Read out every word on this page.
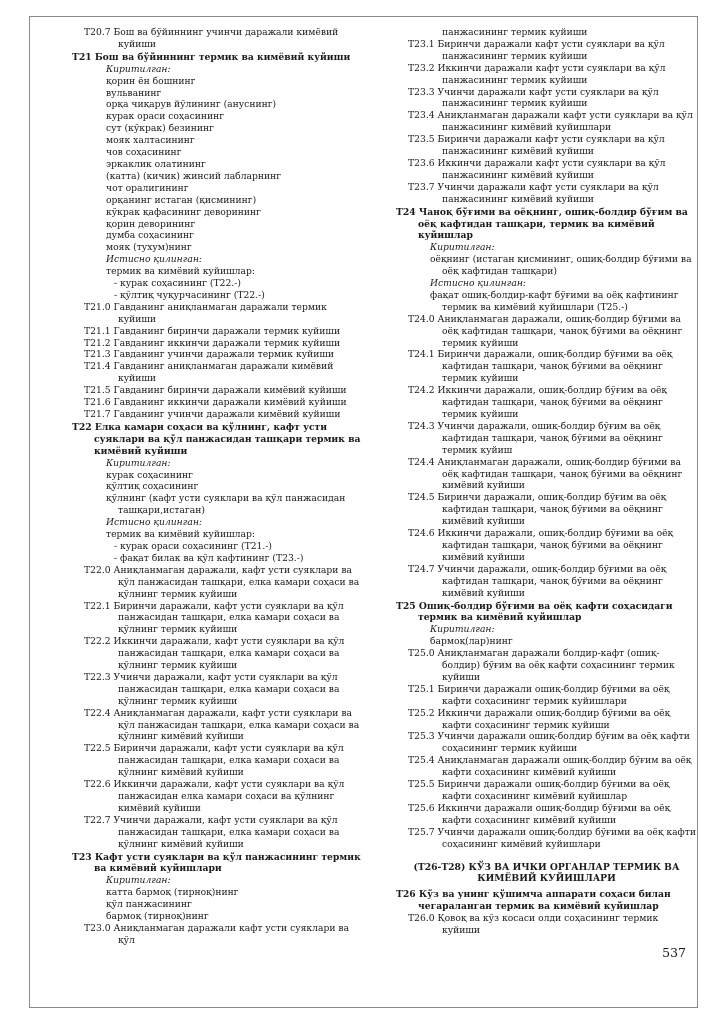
T20.7 Бош ва бўйиннинг учинчи даражали кимёвий куйиши
T21 Бош ва бўйиннинг термик ва кимёвий куйиши
Киритилган:
қорин ён бошнинг
вульванинг
орқа чиқарув йўлининг (ануснинг)
курак ораси соҳасининг
сут (кўкрак) безининг
мояк халтасининг
чов соҳасининг
эркаклик олатининг
(катта) (кичик) жинсий лабларнинг
чот оралигининг
орқанинг истаган (қисмининг)
кўкрак қафасининг деворининг
қорин деворининг
думба соҳасининг
мояк (тухум)нинг
Истисно қилинган:
термик ва кимёвий куйишлар:
- курак соҳасининг (Т22.-)
- қўлтиқ чуқурчасининг (Т22.-)
T21.0 Гавданинг аниқланмаган даражали термик куйиши
T21.1 Гавданинг биринчи даражали термик куйиши
T21.2 Гавданинг иккинчи даражали термик куйиши
T21.3 Гавданинг учинчи даражали термик куйиши
T21.4 Гавданинг аниқланмаган даражали кимёвий куйиши
T21.5 Гавданинг биринчи даражали кимёвий куйиши
T21.6 Гавданинг иккинчи даражали кимёвий куйиши
T21.7 Гавданинг учинчи даражали кимёвий куйиши
T22 Елка камари соҳаси ва қўлнинг, кафт усти суяклари ва қўл панжасидан ташқари термик ва кимёвий куйиши
Киритилган:
курак соҳасининг
қўлтиқ соҳасининг
қўлнинг (кафт усти суяклари ва қўл панжасидан ташқари,истаган)
Истисно қилинган:
термик ва кимёвий куйишлар:
- курак ораси соҳасининг (Т21.-)
- фақат билак ва қўл кафтининг (Т23.-)
T22.0 Аниқланмаган даражали, кафт усти суяклари ва қўл панжасидан ташқари, елка камари соҳаси ва қўлнинг термик куйиши
T22.1 Биринчи даражали, кафт усти суяклари ва қўл панжасидан ташқари, елка камари соҳаси ва қўлнинг термик куйиши
T22.2 Иккинчи даражали, кафт усти суяклари ва қўл панжасидан ташқари, елка камари соҳаси ва қўлнинг термик куйиши
T22.3 Учинчи даражали, кафт усти суяклари ва қўл панжасидан ташқари, елка камари соҳаси ва қўлнинг термик куйиши
T22.4 Аниқланмаган даражали, кафт усти суяклари ва қўл панжасидан ташқари, елка камари соҳаси ва қўлнинг кимёвий куйиши
T22.5 Биринчи даражали, кафт усти суяклари ва қўл панжасидан ташқари, елка камари соҳаси ва қўлнинг кимёвий куйиши
T22.6 Иккинчи даражали, кафт усти суяклари ва қўл панжасидан елка камари соҳаси ва қўлнинг кимёвий куйиши
T22.7 Учинчи даражали, кафт усти суяклари ва қўл панжасидан ташқари, елка камари соҳаси ва қўлнинг кимёвий куйиши
T23 Кафт усти суяклари ва қўл панжасининг термик ва кимёвий куйишлари
Киритилган:
катта бармоқ (тирноқ)нинг
қўл панжасининг
бармоқ (тирноқ)нинг
T23.0 Аниқланмаган даражали кафт усти суяклари ва қўл
панжасининг термик куйиши
T23.1 Биринчи даражали кафт усти суяклари ва қўл панжасининг термик куйиши
T23.2 Иккинчи даражали кафт усти суяклари ва қўл панжасининг термик куйиши
T23.3 Учинчи даражали кафт усти суяклари ва қўл панжасининг термик куйиши
T23.4 Аниқланмаган даражали кафт усти суяклари ва қўл панжасининг кимёвий куйишлари
T23.5 Биринчи даражали кафт усти суяклари ва қўл панжасининг кимёвий куйиши
T23.6 Иккинчи даражали кафт усти суяклари ва қўл панжасининг кимёвий куйиши
T23.7 Учинчи даражали кафт усти суяклари ва қўл панжасининг кимёвий куйиши
T24 Чаноқ бўғими ва оёқнинг, ошиқ-болдир бўғим ва оёқ кафтидан ташқари, термик ва кимёвий куйишлар
Киритилган:
оёқнинг (истаган қисмининг, ошиқ-болдир бўғими ва оёқ кафтидан ташқари)
Истисно қилинган:
фақат ошиқ-болдир-кафт бўғими ва оёқ кафтининг термик ва кимёвий куйишлари (Т25.-)
T24.0 Аниқланмаган даражали, ошиқ-болдир бўғими ва оёқ кафтидан ташқари, чаноқ бўғими ва оёқнинг термик куйиши
T24.1 Биринчи даражали, ошиқ-болдир бўғими ва оёқ кафтидан ташқари, чаноқ бўғими ва оёқнинг термик куйиши
T24.2 Иккинчи даражали, ошиқ-болдир бўғим ва оёқ кафтидан ташқари, чаноқ бўғими ва оёқнинг термик куйиши
T24.3 Учинчи даражали, ошиқ-болдир бўғим ва оёқ кафтидан ташқари, чаноқ бўғими ва оёқнинг термик куйиш
T24.4 Аниқланмаган даражали, ошиқ-болдир бўғими ва оёқ кафтидан ташқари, чаноқ бўғими ва оёқнинг кимёвий куйиши
T24.5 Биринчи даражали, ошиқ-болдир бўғим ва оёқ кафтидан ташқари, чаноқ бўғими ва оёқнинг кимёвий куйиши
T24.6 Иккинчи даражали, ошиқ-болдир бўғими ва оёқ кафтидан ташқари, чаноқ бўғими ва оёқнинг кимёвий куйиши
T24.7 Учинчи даражали, ошиқ-болдир бўғими ва оёқ кафтидан ташқари, чаноқ бўғими ва оёқнинг кимёвий куйиши
T25 Ошиқ-болдир бўғими ва оёқ кафти соҳасидаги термик ва кимёвий куйишлар
Киритилган:
бармоқ(лар)нинг
T25.0 Аниқланмаган даражали болдир-кафт (ошиқ-болдир) бўғим ва оёқ кафти соҳасининг термик куйиши
T25.1 Биринчи даражали ошиқ-болдир бўғими ва оёқ кафти соҳасининг термик куйишлари
T25.2 Иккинчи даражали ошиқ-болдир бўғими ва оёқ кафти соҳасининг термик куйиши
T25.3 Учинчи даражали ошиқ-болдир бўғим ва оёқ кафти соҳасининг термик куйиши
T25.4 Аниқланмаган даражали ошиқ-болдир бўғим ва оёқ кафти соҳасининг кимёвий куйиши
T25.5 Биринчи даражали ошиқ-болдир бўғими ва оёқ кафти соҳасининг кимёвий куйишлар
T25.6 Иккинчи даражали ошиқ-болдир бўғими ва оёқ кафти соҳасининг кимёвий куйиши
T25.7 Учинчи даражали ошиқ-болдир бўғими ва оёқ кафти соҳасининг кимёвий куйишлари
(Т26-Т28) КЎЗ ВА ИЧКИ ОРГАНЛАР ТЕРМИК ВА КИМЁВИЙ КУЙИШЛАРИ
T26 Кўз ва унинг қўшимча аппарати соҳаси билан чегараланган термик ва кимёвий куйишлар
T26.0 Қовоқ ва кўз косаси олди соҳасининг термик куйиши
537
